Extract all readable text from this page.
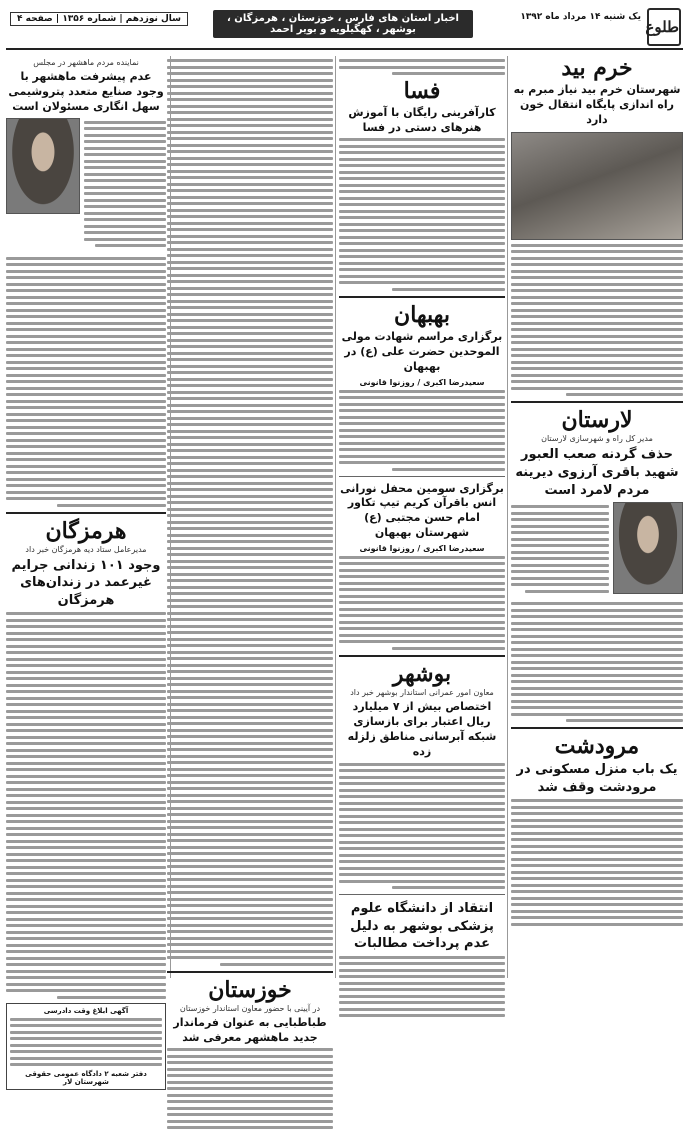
طلوع
یک شنبه ۱۴ مرداد ماه ۱۳۹۲
اخبار استان های فارس ، خوزستان ، هرمزگان ، بوشهر ، کهگیلویه و بویر احمد
سال نوزدهم | شماره ۱۳۵۶ | صفحه ۴
خرم بید
شهرستان خرم بید نیاز مبرم به راه اندازی پایگاه انتقال خون دارد
لارستان
مدیر کل راه و شهرسازی لارستان
حذف گردنه صعب العبور شهید باقری آرزوی دیرینه مردم لامرد است
مرودشت
یک باب منزل مسکونی در مرودشت وقف شد
فسا
کارآفرینی رایگان با آموزش هنرهای دستی در فسا
بهبهان
برگزاری مراسم شهادت مولی الموحدین حضرت علی (ع) در بهبهان
سعیدرضا اکبری / روزنوا قانونی
برگزاری سومین محفل نورانی انس باقرآن کریم تیپ تکاور امام حسن مجتبی (ع) شهرستان بهبهان
سعیدرضا اکبری / روزنوا قانونی
بوشهر
معاون امور عمرانی استاندار بوشهر خبر داد
اختصاص بیش از ۷ میلیارد ریال اعتبار برای بازسازی شبکه آبرسانی مناطق زلزله زده
انتقاد از دانشگاه علوم پزشکی بوشهر به دلیل عدم پرداخت مطالبات
خوزستان
در آیینی با حضور معاون استاندار خوزستان
طباطبایی به عنوان فرماندار جدید ماهشهر معرفی شد
نماینده مردم ماهشهر در مجلس
عدم پیشرفت ماهشهر با وجود صنایع متعدد پتروشیمی سهل انگاری مسئولان است
هرمزگان
مدیرعامل ستاد دیه هرمزگان خبر داد
وجود ۱۰۱ زندانی جرایم غیرعمد در زندان‌های هرمزگان
آگهی ابلاغ وقت دادرسی
دفتر شعبه ۲ دادگاه عمومی حقوقی شهرستان لار
